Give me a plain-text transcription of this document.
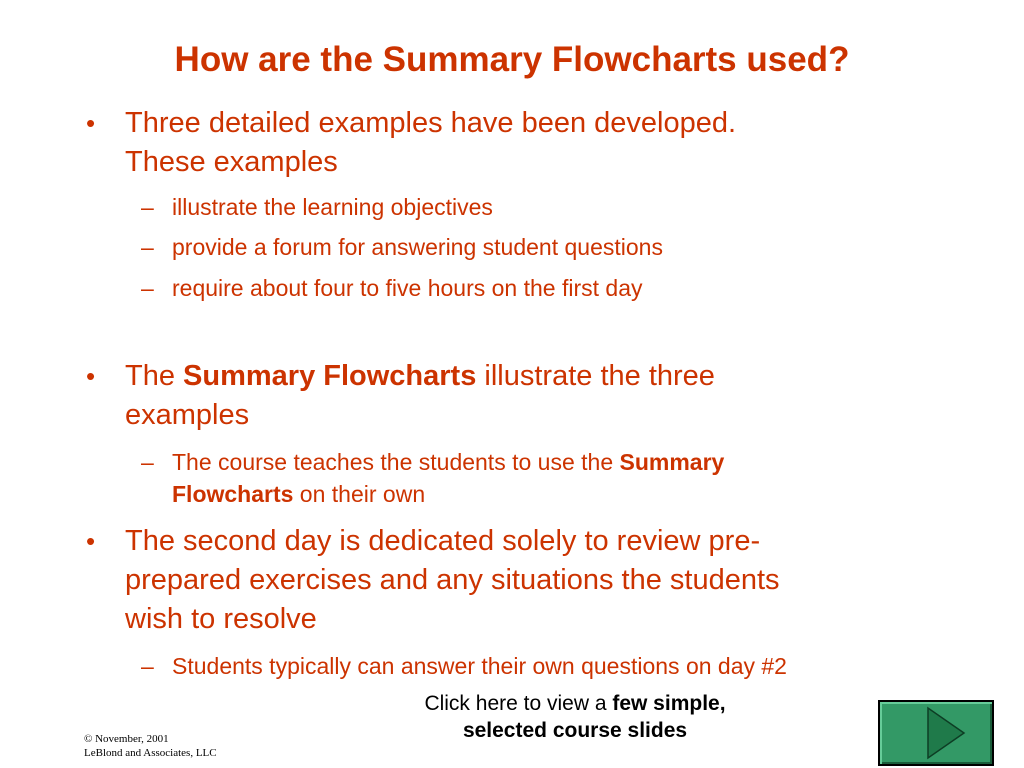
How are the Summary Flowcharts used?
• Three detailed examples have been developed.
These examples
– illustrate the learning objectives
– provide a forum for answering student questions
– require about four to five hours on the first day
• The Summary Flowcharts illustrate the three
examples
– The course teaches the students to use the Summary
Flowcharts on their own
• The second day is dedicated solely to review pre-
prepared exercises and any situations the students
wish to resolve
– Students typically can answer their own questions on day #2
Click here to view a few simple,
selected course slides
© November, 2001
LeBlond and Associates, LLC
